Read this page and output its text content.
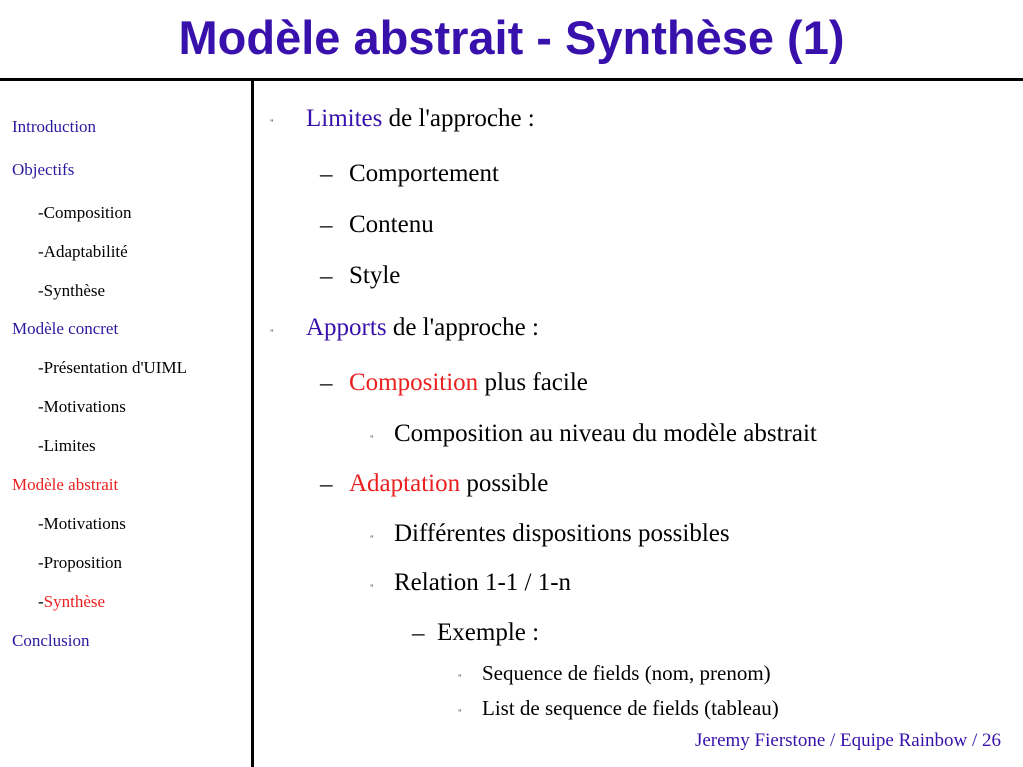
Modèle abstrait - Synthèse (1)
Introduction
Objectifs
-Composition
-Adaptabilité
-Synthèse
Modèle concret
-Présentation d'UIML
-Motivations
-Limites
Modèle abstrait
-Motivations
-Proposition
-Synthèse
Conclusion
" Limites de l'approche :
– Comportement
– Contenu
– Style
" Apports de l'approche :
– Composition plus facile
" Composition au niveau du modèle abstrait
– Adaptation possible
" Différentes dispositions possibles
" Relation 1-1 / 1-n
– Exemple :
" Sequence de fields (nom, prenom)
" List de sequence de fields (tableau)
Jeremy Fierstone / Equipe Rainbow / 26
